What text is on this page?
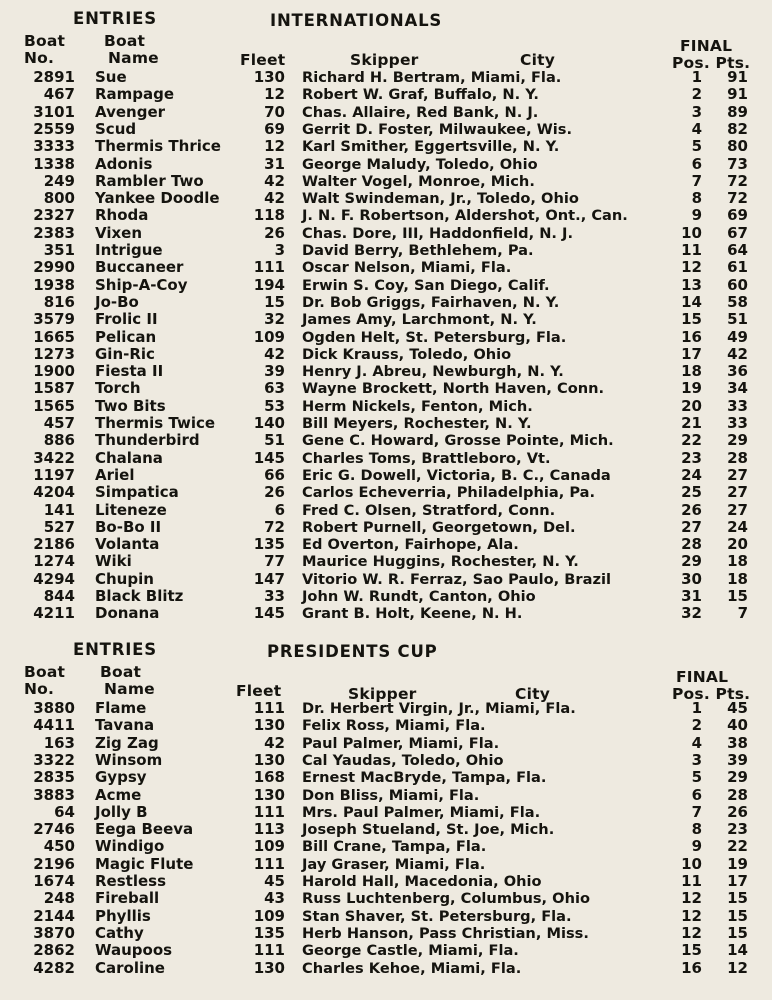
ENTRIES	INTERNATIONALS
Boat
No.
Boat
Name	Fleet	Skipper	City
FINAL
Pos. Pts.
2891 Sue	130 Richard H. Bertram, Miami, Fla.	1	91
467 Rampage	12 Robert W. Graf, Buffalo, N. Y.	2	91
3101 Avenger	70 Chas. Allaire, Red Bank, N. J.	3	89
2559 Scud	69 Gerrit D. Foster, Milwaukee, Wis.	4	82
3333 Thermis Thrice	12 Karl Smither, Eggertsville, N. Y.	5	80
1338 Adonis	31 George Maludy, Toledo, Ohio	6	73
249 Rambler Two	42 Walter Vogel, Monroe, Mich.	7	72
800 Yankee Doodle	42 Walt Swindeman, Jr., Toledo, Ohio	8	72
2327 Rhoda	118 J. N. F. Robertson, Aldershot, Ont., Can.	9	69
2383 Vixen	26 Chas. Dore, III, Haddonfield, N. J.	10	67
351 Intrigue	3 David Berry, Bethlehem, Pa.	11	64
2990 Buccaneer	111 Oscar Nelson, Miami, Fla.	12	61
1938 Ship-A-Coy	194 Erwin S. Coy, San Diego, Calif.	13	60
816 Jo-Bo	15 Dr. Bob Griggs, Fairhaven, N. Y.	14	58
3579 Frolic II	32 James Amy, Larchmont, N. Y.	15	51
1665 Pelican	109 Ogden Helt, St. Petersburg, Fla.	16	49
1273 Gin-Ric	42 Dick Krauss, Toledo, Ohio	17	42
1900 Fiesta II	39 Henry J. Abreu, Newburgh, N. Y.	18	36
1587 Torch	63 Wayne Brockett, North Haven, Conn.	19	34
1565 Two Bits	53 Herm Nickels, Fenton, Mich.	20	33
457 Thermis Twice	140 Bill Meyers, Rochester, N. Y.	21	33
886 Thunderbird	51 Gene C. Howard, Grosse Pointe, Mich.	22	29
3422 Chalana	145 Charles Toms, Brattleboro, Vt.	23	28
1197 Ariel	66 Eric G. Dowell, Victoria, B. C., Canada	24	27
4204 Simpatica	26 Carlos Echeverria, Philadelphia, Pa.	25	27
141 Liteneze	6 Fred C. Olsen, Stratford, Conn.	26	27
527 Bo-Bo II	72 Robert Purnell, Georgetown, Del.	27	24
2186 Volanta	135 Ed Overton, Fairhope, Ala.	28	20
1274 Wiki	77 Maurice Huggins, Rochester, N. Y.	29	18
4294 Chupin	147 Vitorio W. R. Ferraz, Sao Paulo, Brazil	30	18
844 Black Blitz	33 John W. Rundt, Canton, Ohio	31	15
4211 Donana	145 Grant B. Holt, Keene, N. H.	32	7
ENTRIES	PRESIDENTS CUP
Boat
No.
Boat
Name	Fleet	Skipper	City
FINAL
Pos. Pts.
3880 Flame	111 Dr. Herbert Virgin, Jr., Miami, Fla.	1	45
4411 Tavana	130 Felix Ross, Miami, Fla.	2	40
163 Zig Zag	42 Paul Palmer, Miami, Fla.	4	38
3322 Winsom	130 Cal Yaudas, Toledo, Ohio	3	39
2835 Gypsy	168 Ernest MacBryde, Tampa, Fla.	5	29
3883 Acme	130 Don Bliss, Miami, Fla.	6	28
64 Jolly B	111 Mrs. Paul Palmer, Miami, Fla.	7	26
2746 Eega Beeva	113 Joseph Stueland, St. Joe, Mich.	8	23
450 Windigo	109 Bill Crane, Tampa, Fla.	9	22
2196 Magic Flute	111 Jay Graser, Miami, Fla.	10	19
1674 Restless	45 Harold Hall, Macedonia, Ohio	11	17
248 Fireball	43 Russ Luchtenberg, Columbus, Ohio	12	15
2144 Phyllis	109 Stan Shaver, St. Petersburg, Fla.	12	15
3870 Cathy	135 Herb Hanson, Pass Christian, Miss.	12	15
2862 Waupoos	111 George Castle, Miami, Fla.	15	14
4282 Caroline	130 Charles Kehoe, Miami, Fla.	16	12
